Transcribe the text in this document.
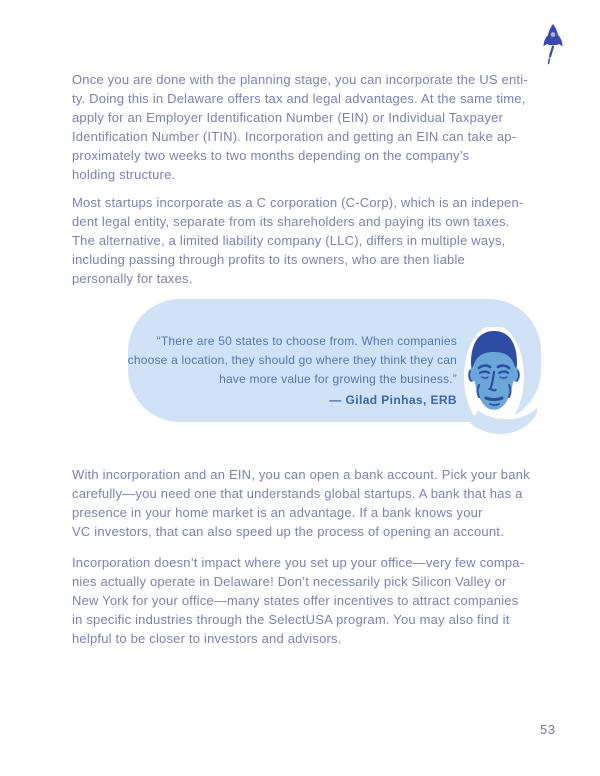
Once you are done with the planning stage, you can incorporate the US enti-
ty. Doing this in Delaware offers tax and legal advantages. At the same time,
apply for an Employer Identification Number (EIN) or Individual Taxpayer
Identification Number (ITIN). Incorporation and getting an EIN can take ap-
proximately two weeks to two months depending on the company’s
holding structure.
Most startups incorporate as a C corporation (C-Corp), which is an indepen-
dent legal entity, separate from its shareholders and paying its own taxes.
The alternative, a limited liability company (LLC), differs in multiple ways,
including passing through profits to its owners, who are then liable
personally for taxes.
“There are 50 states to choose from. When companies
choose a location, they should go where they think they can
have more value for growing the business.”
— Gilad Pinhas, ERB
With incorporation and an EIN, you can open a bank account. Pick your bank
carefully—you need one that understands global startups. A bank that has a
presence in your home market is an advantage. If a bank knows your
VC investors, that can also speed up the process of opening an account.
Incorporation doesn’t impact where you set up your office—very few compa-
nies actually operate in Delaware! Don’t necessarily pick Silicon Valley or
New York for your office—many states offer incentives to attract companies
in specific industries through the SelectUSA program. You may also find it
helpful to be closer to investors and advisors.
53
